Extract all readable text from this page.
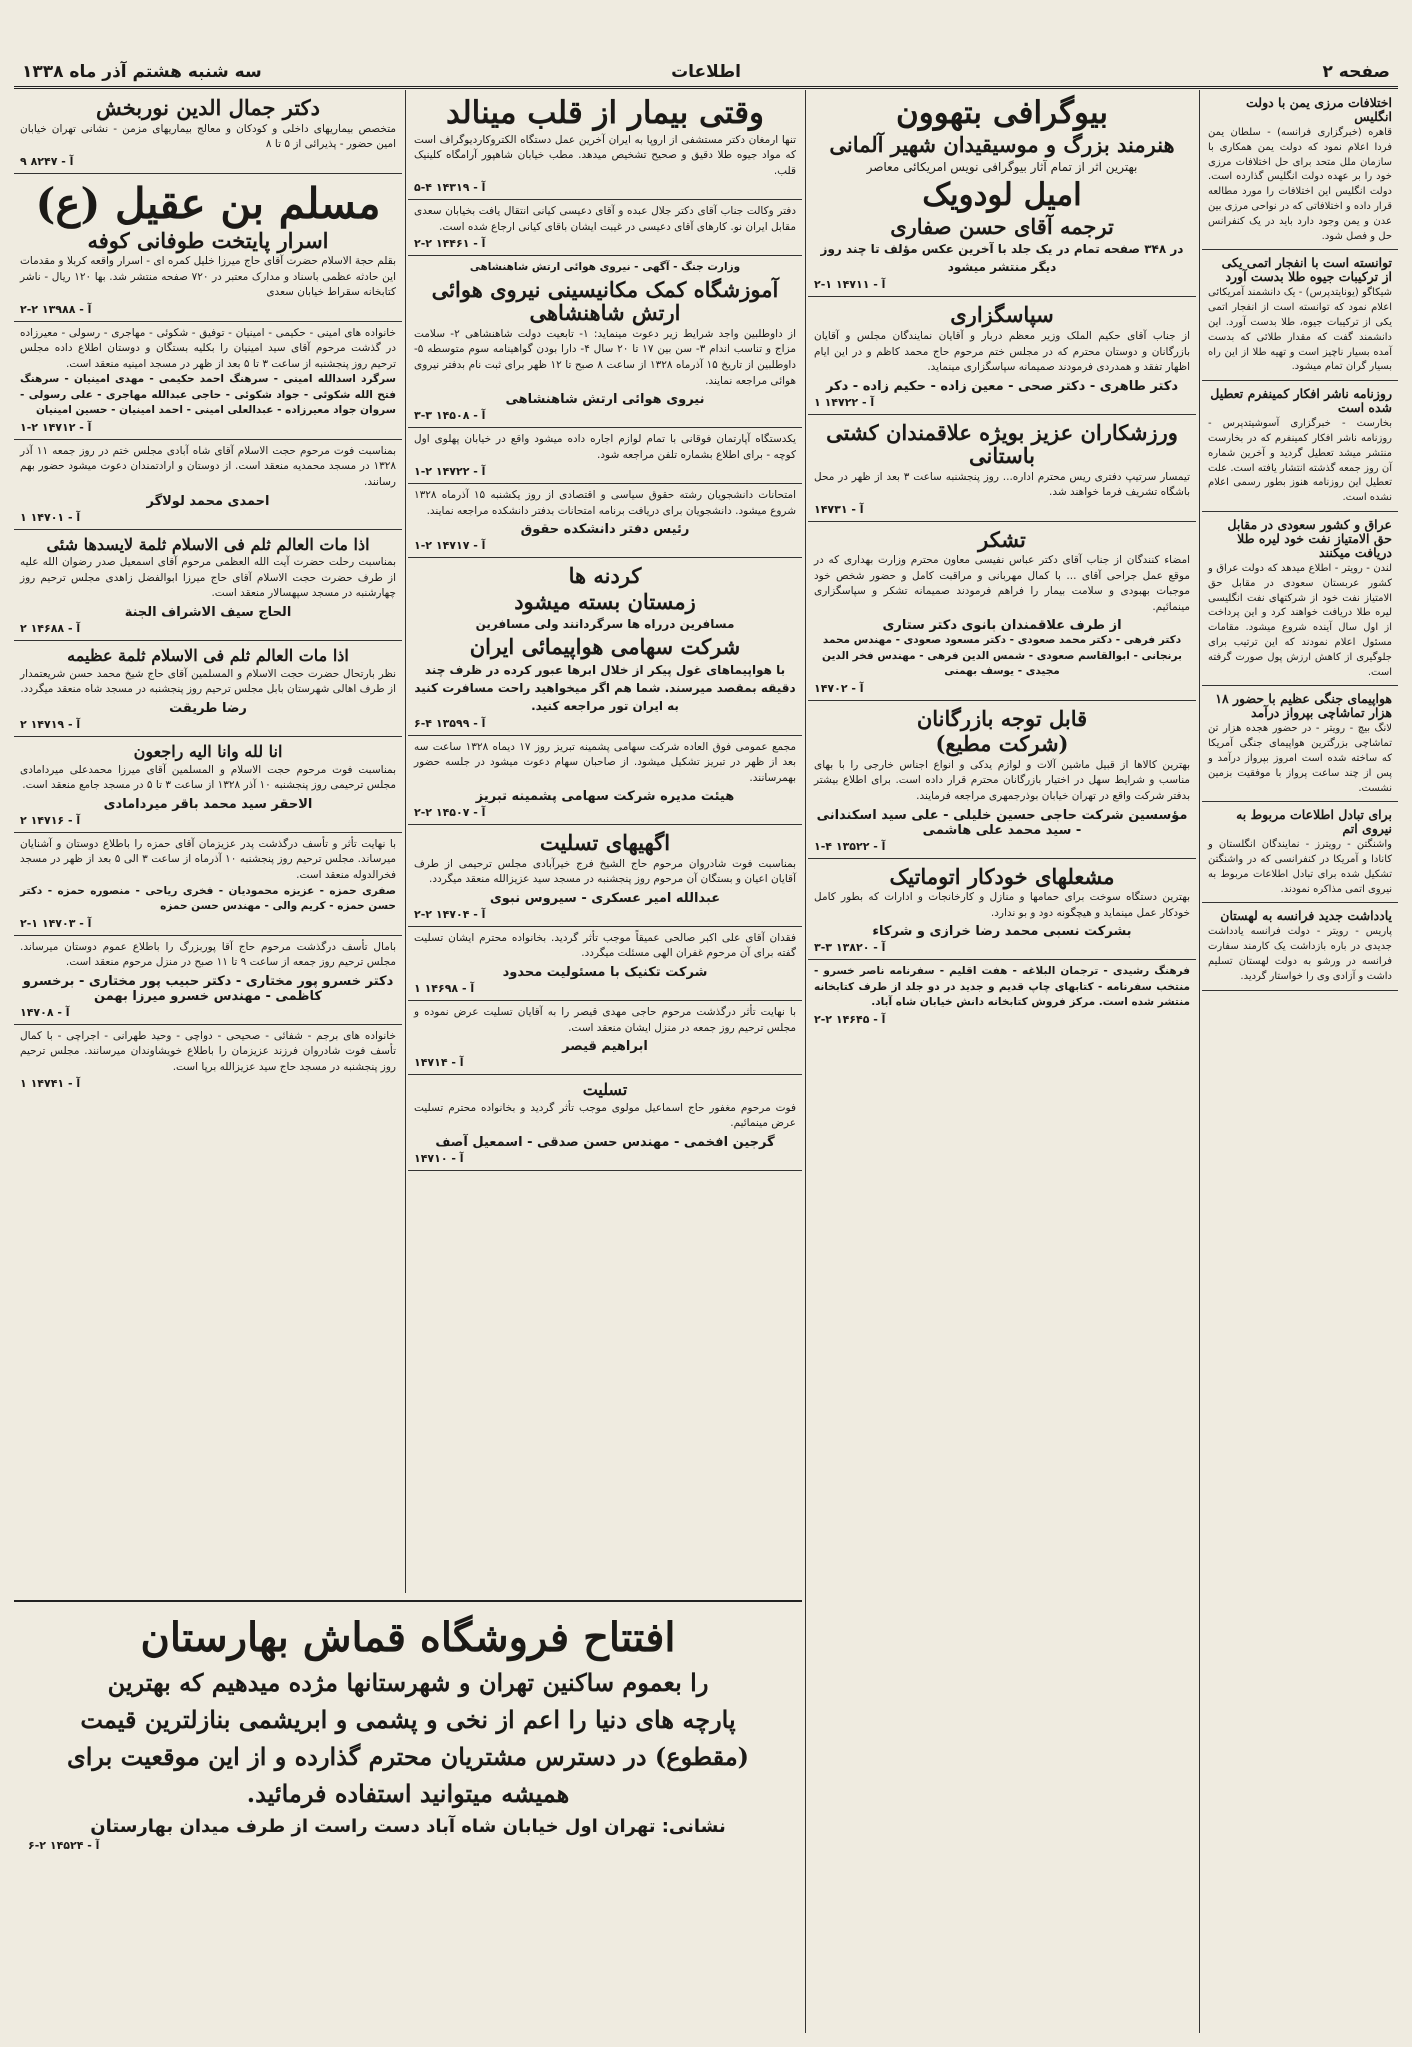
صفحه ۲
اطلاعات
سه شنبه هشتم آذر ماه ۱۳۳۸
اختلافات مرزی یمن با دولت انگلیس
قاهره (خبرگزاری فرانسه) - سلطان یمن فردا اعلام نمود که دولت یمن همکاری با سازمان ملل متحد برای حل اختلافات مرزی خود را بر عهده دولت انگلیس گذارده است. دولت انگلیس این اختلافات را مورد مطالعه قرار داده و اختلافاتی که در نواحی مرزی بین عدن و یمن وجود دارد باید در یک کنفرانس حل و فصل شود.
توانسته است با انفجار اتمی یکی از ترکیبات جیوه طلا بدست آورد
شیکاگو (یونایتدپرس) - یک دانشمند آمریکائی اعلام نمود که توانسته است از انفجار اتمی یکی از ترکیبات جیوه، طلا بدست آورد. این دانشمند گفت که مقدار طلائی که بدست آمده بسیار ناچیز است و تهیه طلا از این راه بسیار گران تمام میشود.
روزنامه ناشر افکار کمینفرم تعطیل شده است
بخارست - خبرگزاری آسوشیتدپرس - روزنامه ناشر افکار کمینفرم که در بخارست منتشر میشد تعطیل گردید و آخرین شماره آن روز جمعه گذشته انتشار یافته است. علت تعطیل این روزنامه هنوز بطور رسمی اعلام نشده است.
عراق و کشور سعودی در مقابل حق الامتیاز نفت خود لیره طلا دریافت میکنند
لندن - رویتر - اطلاع میدهد که دولت عراق و کشور عربستان سعودی در مقابل حق الامتیاز نفت خود از شرکتهای نفت انگلیسی لیره طلا دریافت خواهند کرد و این پرداخت از اول سال آینده شروع میشود. مقامات مسئول اعلام نمودند که این ترتیب برای جلوگیری از کاهش ارزش پول صورت گرفته است.
هواپیمای جنگی عظیم با حضور ۱۸ هزار تماشاچی بپرواز درآمد
لانگ بیچ - رویتر - در حضور هجده هزار تن تماشاچی بزرگترین هواپیمای جنگی آمریکا که ساخته شده است امروز بپرواز درآمد و پس از چند ساعت پرواز با موفقیت بزمین نشست.
برای تبادل اطلاعات مربوط به نیروی اتم
واشنگتن - رویترز - نمایندگان انگلستان و کانادا و آمریکا در کنفرانسی که در واشنگتن تشکیل شده برای تبادل اطلاعات مربوط به نیروی اتمی مذاکره نمودند.
یادداشت جدید فرانسه به لهستان
پاریس - رویتر - دولت فرانسه یادداشت جدیدی در باره بازداشت یک کارمند سفارت فرانسه در ورشو به دولت لهستان تسلیم داشت و آزادی وی را خواستار گردید.
بیوگرافی بتهوون
هنرمند بزرگ و موسیقیدان شهیر آلمانی
بهترین اثر از تمام آثار بیوگرافی نویس امریکائی معاصر
امیل لودویک
ترجمه آقای حسن صفاری
در ۳۴۸ صفحه تمام در یک جلد با آخرین عکس مؤلف تا چند روز دیگر منتشر میشود
آ - ۱۴۷۱۱ ۱-۲
سپاسگزاری
از جناب آقای حکیم الملک وزیر معظم دربار و آقایان نمایندگان مجلس و آقایان بازرگانان و دوستان محترم که در مجلس ختم مرحوم حاج محمد کاظم و در این ایام اظهار تفقد و همدردی فرمودند صمیمانه سپاسگزاری مینماید.
دکتر طاهری - دکتر صحی - معین زاده - حکیم زاده - دکر
آ - ۱۴۷۲۲ ۱
ورزشکاران عزیز بویژه علاقمندان کشتی باستانی
تیمسار سرتیپ دفتری ریس محترم اداره... روز پنجشنبه ساعت ۳ بعد از ظهر در محل باشگاه تشریف فرما خواهند شد.
آ - ۱۴۷۳۱
تشکر
امضاء کنندگان از جناب آقای دکتر عباس نفیسی معاون محترم وزارت بهداری که در موقع عمل جراحی آقای ... با کمال مهربانی و مراقبت کامل و حضور شخص خود موجبات بهبودی و سلامت بیمار را فراهم فرمودند صمیمانه تشکر و سپاسگزاری مینمائیم.
از طرف علاقمندان بانوی دکتر ستاری
دکتر فرهی - دکتر محمد صعودی - دکتر مسعود صعودی - مهندس محمد برنجانی - ابوالقاسم صعودی - شمس الدین فرهی - مهندس فخر الدین مجیدی - یوسف بهمنی
آ - ۱۴۷۰۲
قابل توجه بازرگانان
(شرکت مطیع)
بهترین کالاها از قبیل ماشین آلات و لوازم یدکی و انواع اجناس خارجی را با بهای مناسب و شرایط سهل در اختیار بازرگانان محترم قرار داده است. برای اطلاع بیشتر بدفتر شرکت واقع در تهران خیابان بوذرجمهری مراجعه فرمایند.
مؤسسین شرکت حاجی حسین خلیلی - علی سید اسکندانی - سید محمد علی هاشمی
آ - ۱۳۵۲۲ ۴-۱
مشعلهای خودکار اتوماتیک
بهترین دستگاه سوخت برای حمامها و منازل و کارخانجات و ادارات که بطور کامل خودکار عمل مینماید و هیچگونه دود و بو ندارد.
بشرکت نسبی محمد رضا خرازی و شرکاء
آ - ۱۳۸۲۰ ۳-۳
فرهنگ رشیدی - ترجمان البلاغه - هفت اقلیم - سفرنامه ناصر خسرو - منتخب سفرنامه - کتابهای چاپ قدیم و جدید در دو جلد از طرف کتابخانه منتشر شده است. مرکز فروش کتابخانه دانش خیابان شاه آباد.
آ - ۱۴۶۴۵ ۲-۲
وقتی بیمار از قلب مینالد
تنها ارمغان دکتر مستشفی از اروپا به ایران آخرین عمل دستگاه الکتروکاردیوگراف است که مواد جیوه طلا دقیق و صحیح تشخیص میدهد. مطب خیابان شاهپور آرامگاه کلینیک قلب.
آ - ۱۴۳۱۹ ۴-۵
دفتر وکالت جناب آقای دکتر جلال عبده و آقای دعیسی کیانی انتقال یافت بخیابان سعدی مقابل ایران نو. کارهای آقای دعیسی در غیبت ایشان باقای کیانی ارجاع شده است.
آ - ۱۴۴۶۱ ۲-۲
وزارت جنگ - آگهی - نیروی هوائی ارتش شاهنشاهی
آموزشگاه کمک مکانیسینی نیروی هوائی ارتش شاهنشاهی
از داوطلبین واجد شرایط زیر دعوت مینماید: ۱- تابعیت دولت شاهنشاهی ۲- سلامت مزاج و تناسب اندام ۳- سن بین ۱۷ تا ۲۰ سال ۴- دارا بودن گواهینامه سوم متوسطه ۵- داوطلبین از تاریخ ۱۵ آذرماه ۱۳۲۸ از ساعت ۸ صبح تا ۱۲ ظهر برای ثبت نام بدفتر نیروی هوائی مراجعه نمایند.
نیروی هوائی ارتش شاهنشاهی
آ - ۱۴۵۰۸ ۳-۳
یکدستگاه آپارتمان فوقانی با تمام لوازم اجاره داده میشود واقع در خیابان پهلوی اول کوچه - برای اطلاع بشماره تلفن مراجعه شود.
آ - ۱۴۷۲۲ ۲-۱
امتحانات دانشجویان رشته حقوق سیاسی و اقتصادی از روز یکشنبه ۱۵ آذرماه ۱۳۲۸ شروع میشود. دانشجویان برای دریافت برنامه امتحانات بدفتر دانشکده مراجعه نمایند.
رئیس دفتر دانشکده حقوق
آ - ۱۴۷۱۷ ۲-۱
کردنه ها
زمستان بسته میشود
مسافرین درراه ها سرگردانند ولی مسافرین
شرکت سهامی هواپیمائی ایران
با هواپیماهای غول پیکر از خلال ابرها عبور کرده در ظرف چند دقیقه بمقصد میرسند. شما هم اگر میخواهید راحت مسافرت کنید به ایران تور مراجعه کنید.
آ - ۱۳۵۹۹ ۴-۶
مجمع عمومی فوق العاده شرکت سهامی پشمینه تبریز روز ۱۷ دیماه ۱۳۲۸ ساعت سه بعد از ظهر در تبریز تشکیل میشود. از صاحبان سهام دعوت میشود در جلسه حضور بهمرسانند.
هیئت مدیره شرکت سهامی پشمینه تبریز
آ - ۱۴۵۰۷ ۲-۲
اگهیهای تسلیت
بمناسبت فوت شادروان مرحوم حاج الشیخ فرج خیرآبادی مجلس ترحیمی از طرف آقایان اعیان و بستگان آن مرحوم روز پنجشنبه در مسجد سید عزیزالله منعقد میگردد.
عبدالله امیر عسکری - سیروس نبوی
آ - ۱۴۷۰۴ ۲-۲
فقدان آقای علی اکبر صالحی عمیقاً موجب تأثر گردید. بخانواده محترم ایشان تسلیت گفته برای آن مرحوم غفران الهی مسئلت میگردد.
شرکت تکنیک با مسئولیت محدود
آ - ۱۴۶۹۸ ۱
با نهایت تأثر درگذشت مرحوم حاجی مهدی قیصر را به آقایان تسلیت عرض نموده و مجلس ترحیم روز جمعه در منزل ایشان منعقد است.
ابراهیم قیصر
آ - ۱۴۷۱۴
تسلیت
فوت مرحوم مغفور حاج اسماعیل مولوی موجب تأثر گردید و بخانواده محترم تسلیت عرض مینمائیم.
گرجین افخمی - مهندس حسن صدقی - اسمعیل آصف
آ - ۱۴۷۱۰
دکتر جمال الدین نوربخش
متخصص بیماریهای داخلی و کودکان و معالج بیماریهای مزمن - نشانی تهران خیابان امین حضور - پذیرائی از ۵ تا ۸
آ - ۸۲۴۷ ۹
مسلم بن عقیل (ع)
اسرار پایتخت طوفانی کوفه
بقلم حجة الاسلام حضرت آقای حاج میرزا خلیل کمره ای - اسرار واقعه کربلا و مقدمات این حادثه عظمی باسناد و مدارک معتبر در ۷۲۰ صفحه منتشر شد. بها ۱۲۰ ریال - ناشر کتابخانه سقراط خیابان سعدی
آ - ۱۳۹۸۸ ۲-۲
خانواده های امینی - حکیمی - امینیان - توفیق - شکوئی - مهاجری - رسولی - معیرزاده در گذشت مرحوم آقای سید امینیان را بکلیه بستگان و دوستان اطلاع داده مجلس ترحیم روز پنجشنبه از ساعت ۳ تا ۵ بعد از ظهر در مسجد امینیه منعقد است.
سرگرد اسدالله امینی - سرهنگ احمد حکیمی - مهدی امینیان - سرهنگ فتح الله شکوئی - جواد شکوئی - حاجی عبدالله مهاجری - علی رسولی - سروان جواد معیرزاده - عبدالعلی امینی - احمد امینیان - حسین امینیان
آ - ۱۴۷۱۲ ۲-۱
بمناسبت فوت مرحوم حجت الاسلام آقای شاه آبادی مجلس ختم در روز جمعه ۱۱ آذر ۱۳۲۸ در مسجد محمدیه منعقد است. از دوستان و ارادتمندان دعوت میشود حضور بهم رسانند.
احمدی محمد لولاگر
آ - ۱۴۷۰۱ ۱
اذا مات العالم ثلم فی الاسلام ثلمة لایسدها شئی
بمناسبت رحلت حضرت آیت الله العظمی مرحوم آقای اسمعیل صدر رضوان الله علیه از طرف حضرت حجت الاسلام آقای حاج میرزا ابوالفضل زاهدی مجلس ترحیم روز چهارشنبه در مسجد سپهسالار منعقد است.
الحاج سیف الاشراف الجنة
آ - ۱۴۶۸۸ ۲
اذا مات العالم ثلم فی الاسلام ثلمة عظیمه
نظر بارتحال حضرت حجت الاسلام و المسلمین آقای حاج شیخ محمد حسن شریعتمدار از طرف اهالی شهرستان بابل مجلس ترحیم روز پنجشنبه در مسجد شاه منعقد میگردد.
رضا طریقت
آ - ۱۴۷۱۹ ۲
انا لله وانا الیه راجعون
بمناسبت فوت مرحوم حجت الاسلام و المسلمین آقای میرزا محمدعلی میردامادی مجلس ترحیمی روز پنجشنبه ۱۰ آذر ۱۳۲۸ از ساعت ۳ تا ۵ در مسجد جامع منعقد است.
الاحقر سید محمد باقر میردامادی
آ - ۱۴۷۱۶ ۲
با نهایت تأثر و تأسف درگذشت پدر عزیزمان آقای حمزه را باطلاع دوستان و آشنایان میرساند. مجلس ترحیم روز پنجشنبه ۱۰ آذرماه از ساعت ۳ الی ۵ بعد از ظهر در مسجد فخرالدوله منعقد است.
صفری حمزه - عزیزه محمودیان - فخری ریاحی - منصوره حمزه - دکتر حسن حمزه - کریم والی - مهندس حسن حمزه
آ - ۱۴۷۰۳ ۱-۲
بامال تأسف درگذشت مرحوم حاج آقا پوربزرگ را باطلاع عموم دوستان میرساند. مجلس ترحیم روز جمعه از ساعت ۹ تا ۱۱ صبح در منزل مرحوم منعقد است.
دکتر خسرو پور مختاری - دکتر حبیب پور مختاری - برخسرو کاظمی - مهندس خسرو میرزا بهمن
آ - ۱۴۷۰۸
خانواده های برجم - شفائی - صحیحی - دواچی - وحید طهرانی - اجراچی - با کمال تأسف فوت شادروان فرزند عزیزمان را باطلاع خویشاوندان میرسانند. مجلس ترحیم روز پنجشنبه در مسجد حاج سید عزیزالله برپا است.
آ - ۱۴۷۴۱ ۱
افتتاح فروشگاه قماش بهارستان
را بعموم ساکنین تهران و شهرستانها مژده میدهیم که بهترین
پارچه های دنیا را اعم از نخی و پشمی و ابریشمی بنازلترین قیمت
(مقطوع) در دسترس مشتریان محترم گذارده و از این موقعیت برای
همیشه میتوانید استفاده فرمائید.
نشانی: تهران اول خیابان شاه آباد دست راست از طرف میدان بهارستان
آ - ۱۴۵۲۴ ۲-۶
